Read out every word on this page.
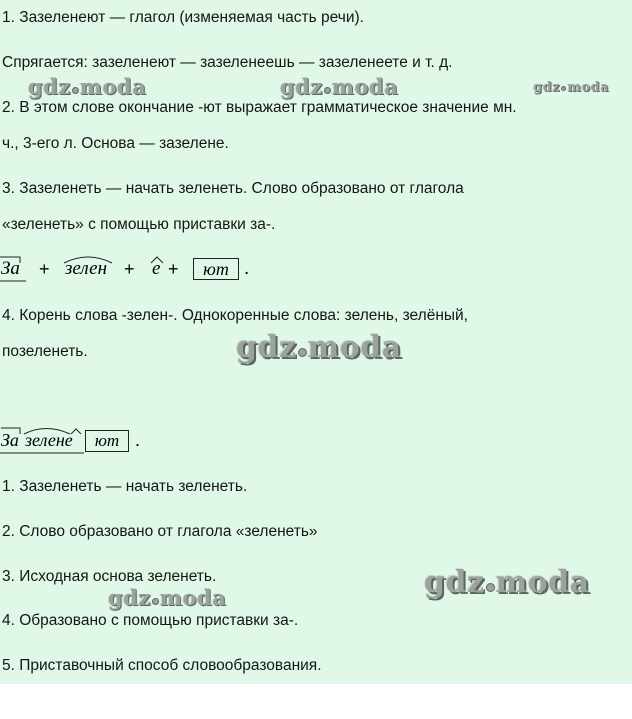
1. Зазеленеют — глагол (изменяемая часть речи).
Спрягается: зазеленеют — зазеленеешь — зазеленеете и т. д.
2. В этом слове окончание -ют выражает грамматическое значение мн.
ч., 3-его л. Основа — зазелене.
3. Зазеленеть — начать зеленеть. Слово образовано от глагола
«зеленеть» с помощью приставки за-.
За + зелен + е +	ют .
4. Корень слова -зелен-. Однокоренные слова: зелень, зелёный,
позеленеть.
За зелене	ют .
1. Зазеленеть — начать зеленеть.
2. Слово образовано от глагола «зеленеть»
3. Исходная основа зеленеть.
4. Образовано с помощью приставки за-.
5. Приставочный способ словообразования.
gdz moda	gdz moda	gdz moda
gdz moda
gdz moda
gdz moda
